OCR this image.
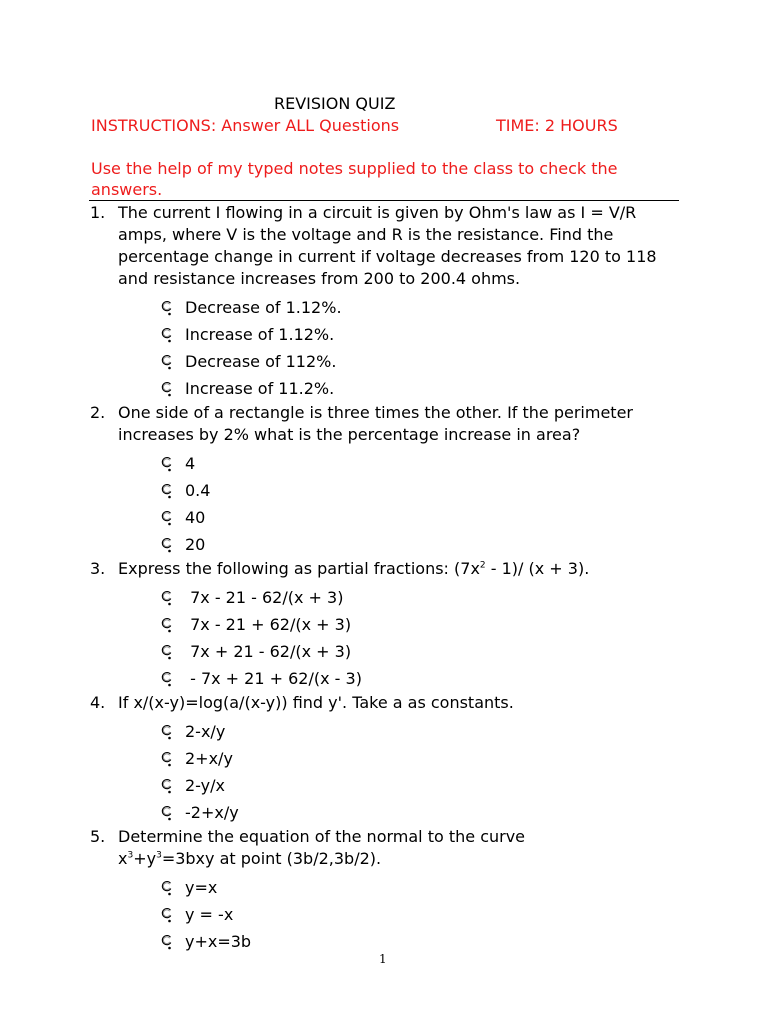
REVISION QUIZ
INSTRUCTIONS: Answer ALL Questions	TIME: 2 HOURS
Use the help of my typed notes supplied to the class to check the answers.
1. The current I flowing in a circuit is given by Ohm's law as I = V/R amps, where V is the voltage and R is the resistance. Find the percentage change in current if voltage decreases from 120 to 118 and resistance increases from 200 to 200.4 ohms.
Decrease of 1.12%.
Increase of 1.12%.
Decrease of 112%.
Increase of 11.2%.
2. One side of a rectangle is three times the other. If the perimeter increases by 2% what is the percentage increase in area?
4
0.4
40
20
3. Express the following as partial fractions: $(7x^2 - 1)/$ (x + 3).
7x - 21 - 62/(x + 3)
7x - 21 + 62/(x + 3)
7x + 21 - 62/(x + 3)
- 7x + 21 + 62/(x - 3)
4. If x/(x-y)=log(a/(x-y)) find y'. Take a as constants.
2-x/y
2+x/y
2-y/x
-2+x/y
5. Determine the equation of the normal to the curve
$x^3+y^3=3bxy$ at point (3b/2,3b/2).
y=x
y = -x
y+x=3b
1
